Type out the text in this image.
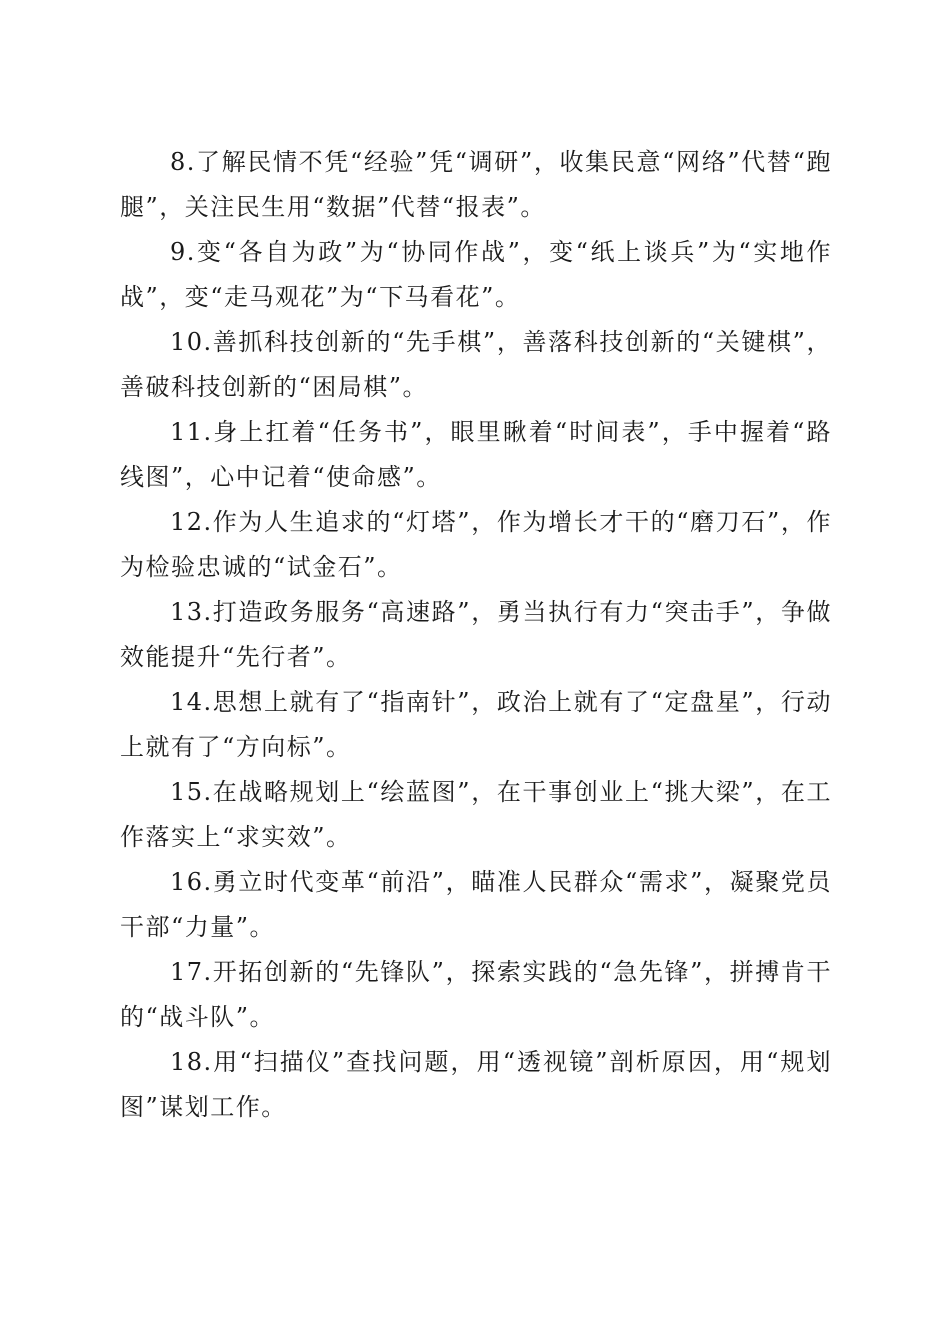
8.了解民情不凭“经验”凭“调研”，收集民意“网络”代替“跑腿”，关注民生用“数据”代替“报表”。

9.变“各自为政”为“协同作战”，变“纸上谈兵”为“实地作战”，变“走马观花”为“下马看花”。

10.善抓科技创新的“先手棋”，善落科技创新的“关键棋”，善破科技创新的“困局棋”。

11.身上扛着“任务书”，眼里瞅着“时间表”，手中握着“路线图”，心中记着“使命感”。

12.作为人生追求的“灯塔”，作为增长才干的“磨刀石”，作为检验忠诚的“试金石”。

13.打造政务服务“高速路”，勇当执行有力“突击手”，争做效能提升“先行者”。

14.思想上就有了“指南针”，政治上就有了“定盘星”，行动上就有了“方向标”。

15.在战略规划上“绘蓝图”，在干事创业上“挑大梁”，在工作落实上“求实效”。

16.勇立时代变革“前沿”，瞄准人民群众“需求”，凝聚党员干部“力量”。

17.开拓创新的“先锋队”，探索实践的“急先锋”，拼搏肯干的“战斗队”。

18.用“扫描仪”查找问题，用“透视镜”剖析原因，用“规划图”谋划工作。
